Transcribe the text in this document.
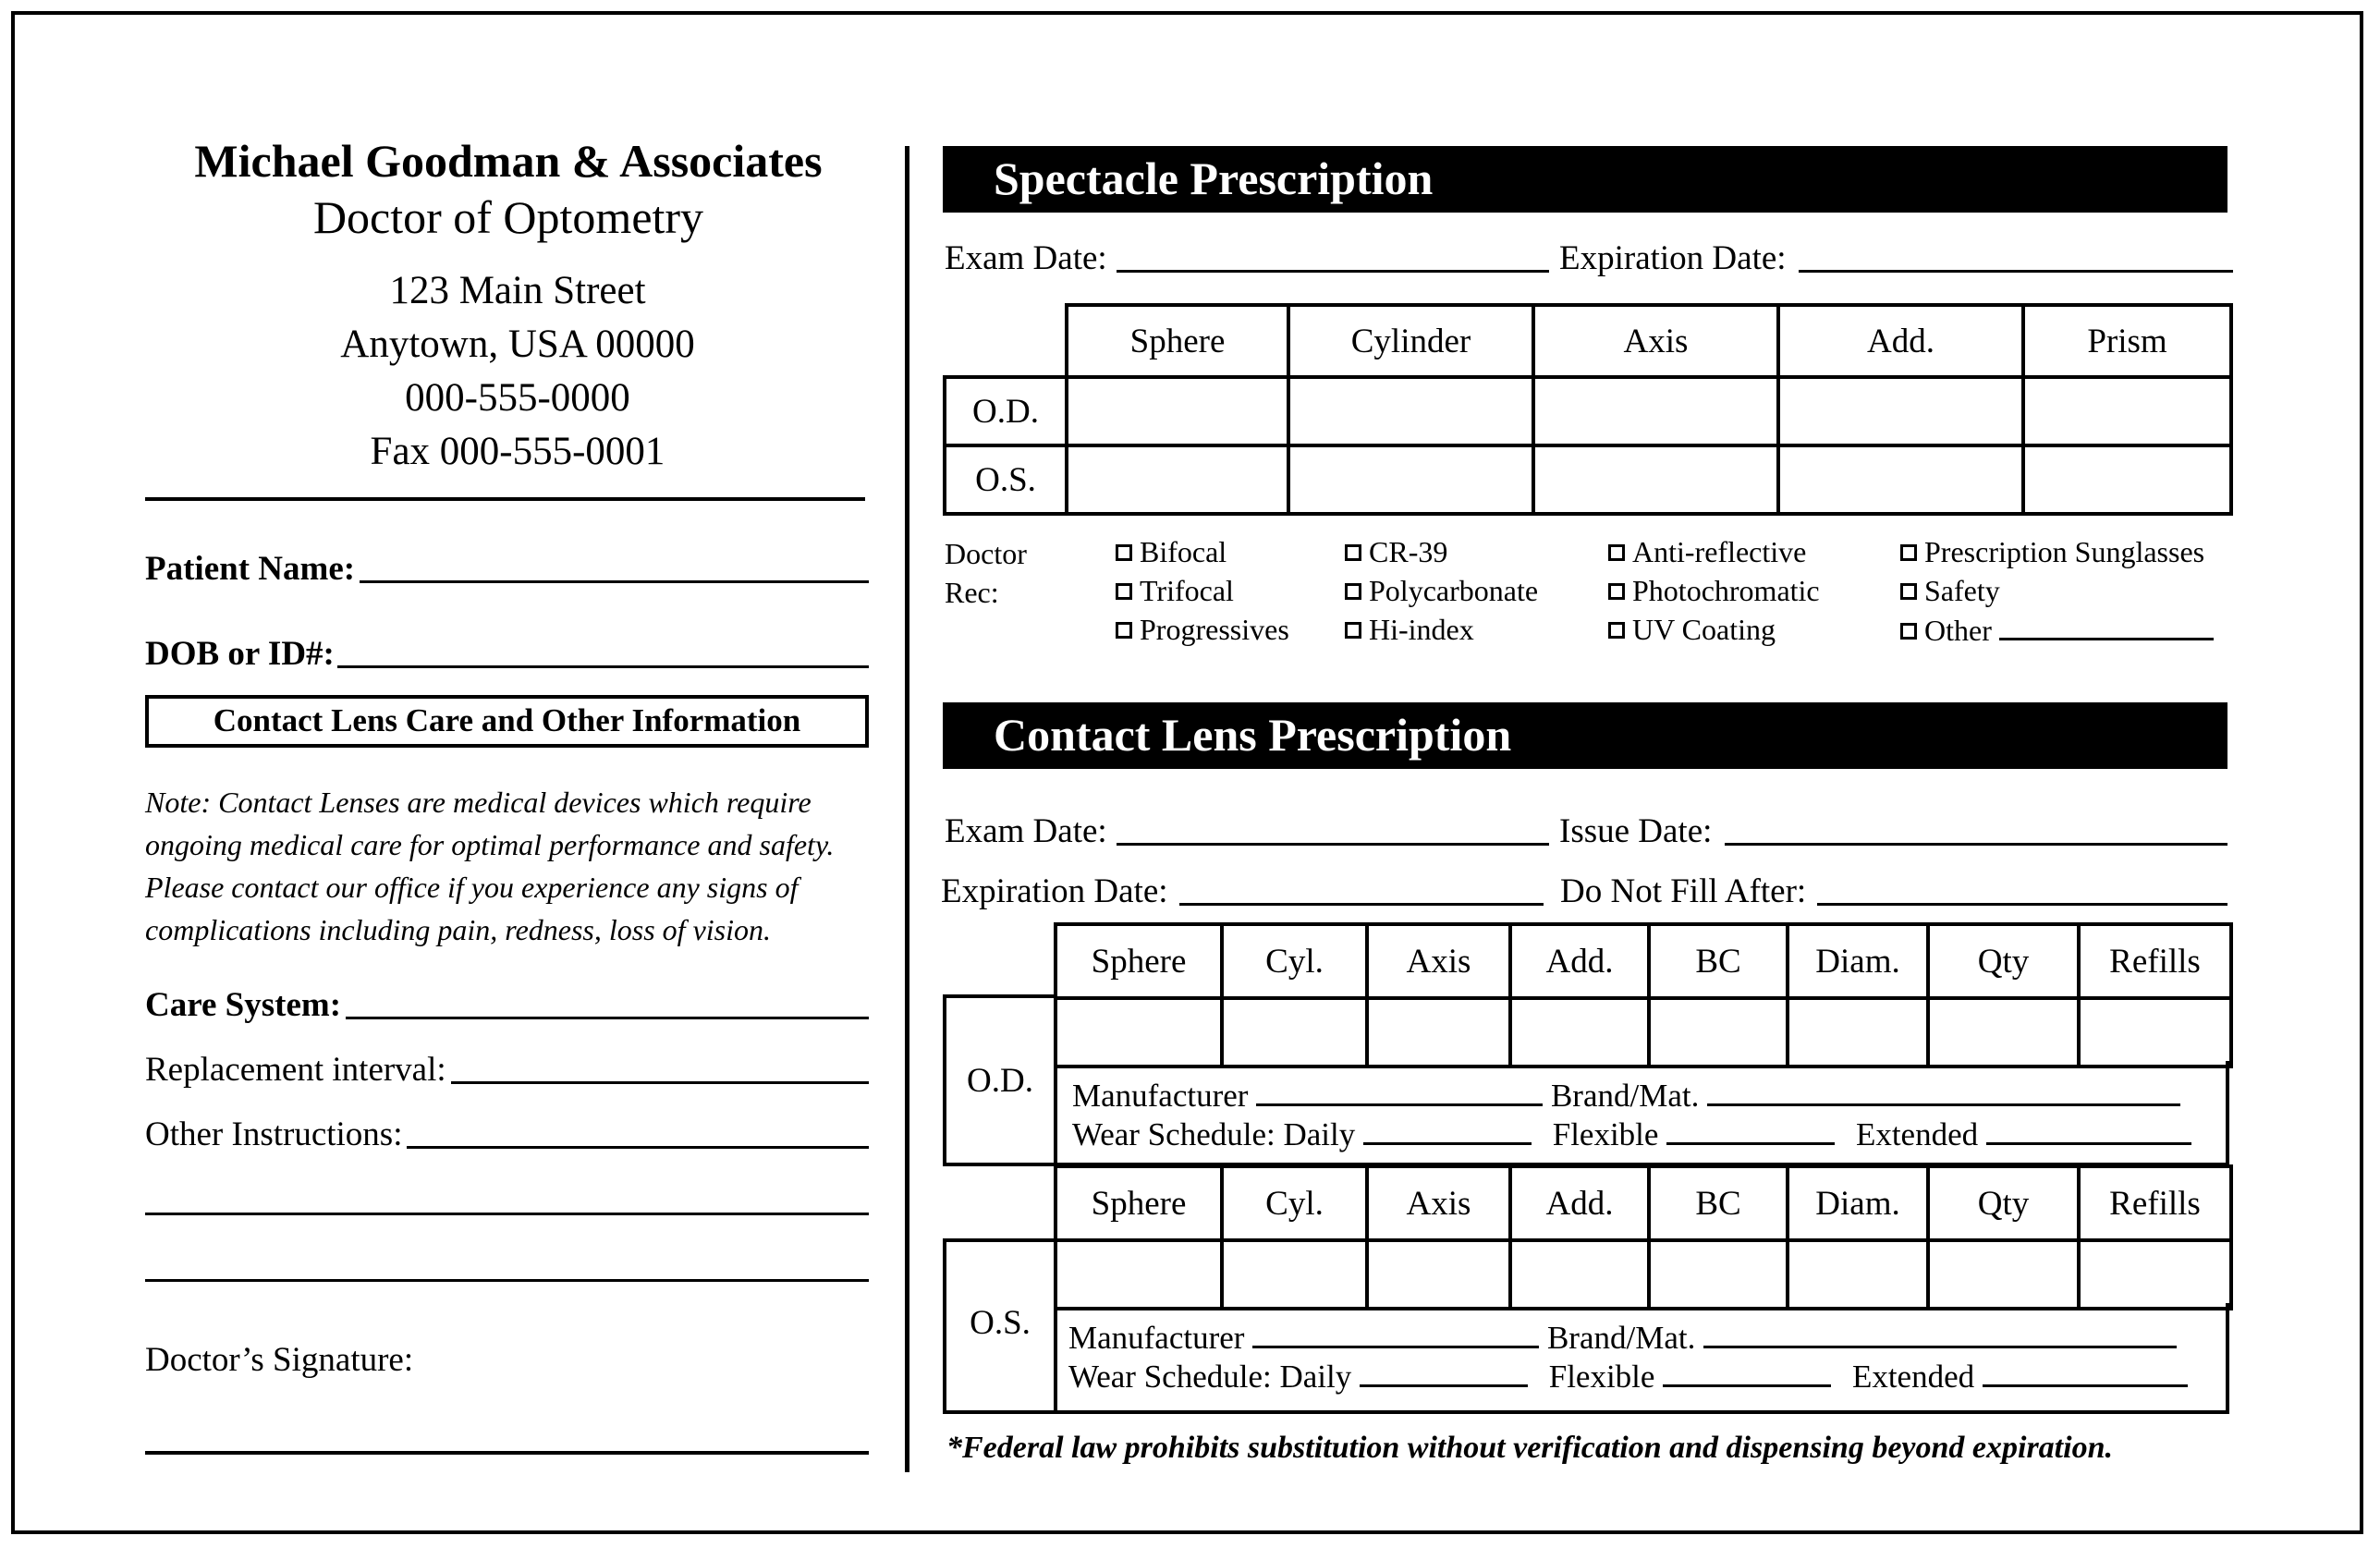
Michael Goodman & Associates
Doctor of Optometry
123 Main Street
Anytown, USA 00000
000-555-0000
Fax 000-555-0001
Patient Name:
DOB or ID#:
Contact Lens Care and Other Information
Note: Contact Lenses are medical devices which require
ongoing medical care for optimal performance and safety.
Please contact our office if you experience any signs of
complications including pain, redness, loss of vision.
Care System:
Replacement interval:
Other Instructions:
Doctor’s Signature:
Spectacle Prescription
Exam Date:	Expiration Date:
	Sphere	Cylinder	Axis	Add.	Prism
O.D.					
O.S.					
Doctor
Rec:
Bifocal
Trifocal
Progressives
CR-39
Polycarbonate
Hi-index
Anti-reflective
Photochromatic
UV Coating
Prescription Sunglasses
Safety
Other
Contact Lens Prescription
Exam Date:	Issue Date:
Expiration Date:	Do Not Fill After:
Sphere	Cyl.	Axis	Add.	BC	Diam.	Qty	Refills

O.D.	Manufacturer	Brand/Mat.
Wear Schedule: Daily	Flexible	Extended
Sphere	Cyl.	Axis	Add.	BC	Diam.	Qty	Refills

O.S.	Manufacturer	Brand/Mat.
Wear Schedule: Daily	Flexible	Extended
*Federal law prohibits substitution without verification and dispensing beyond expiration.
